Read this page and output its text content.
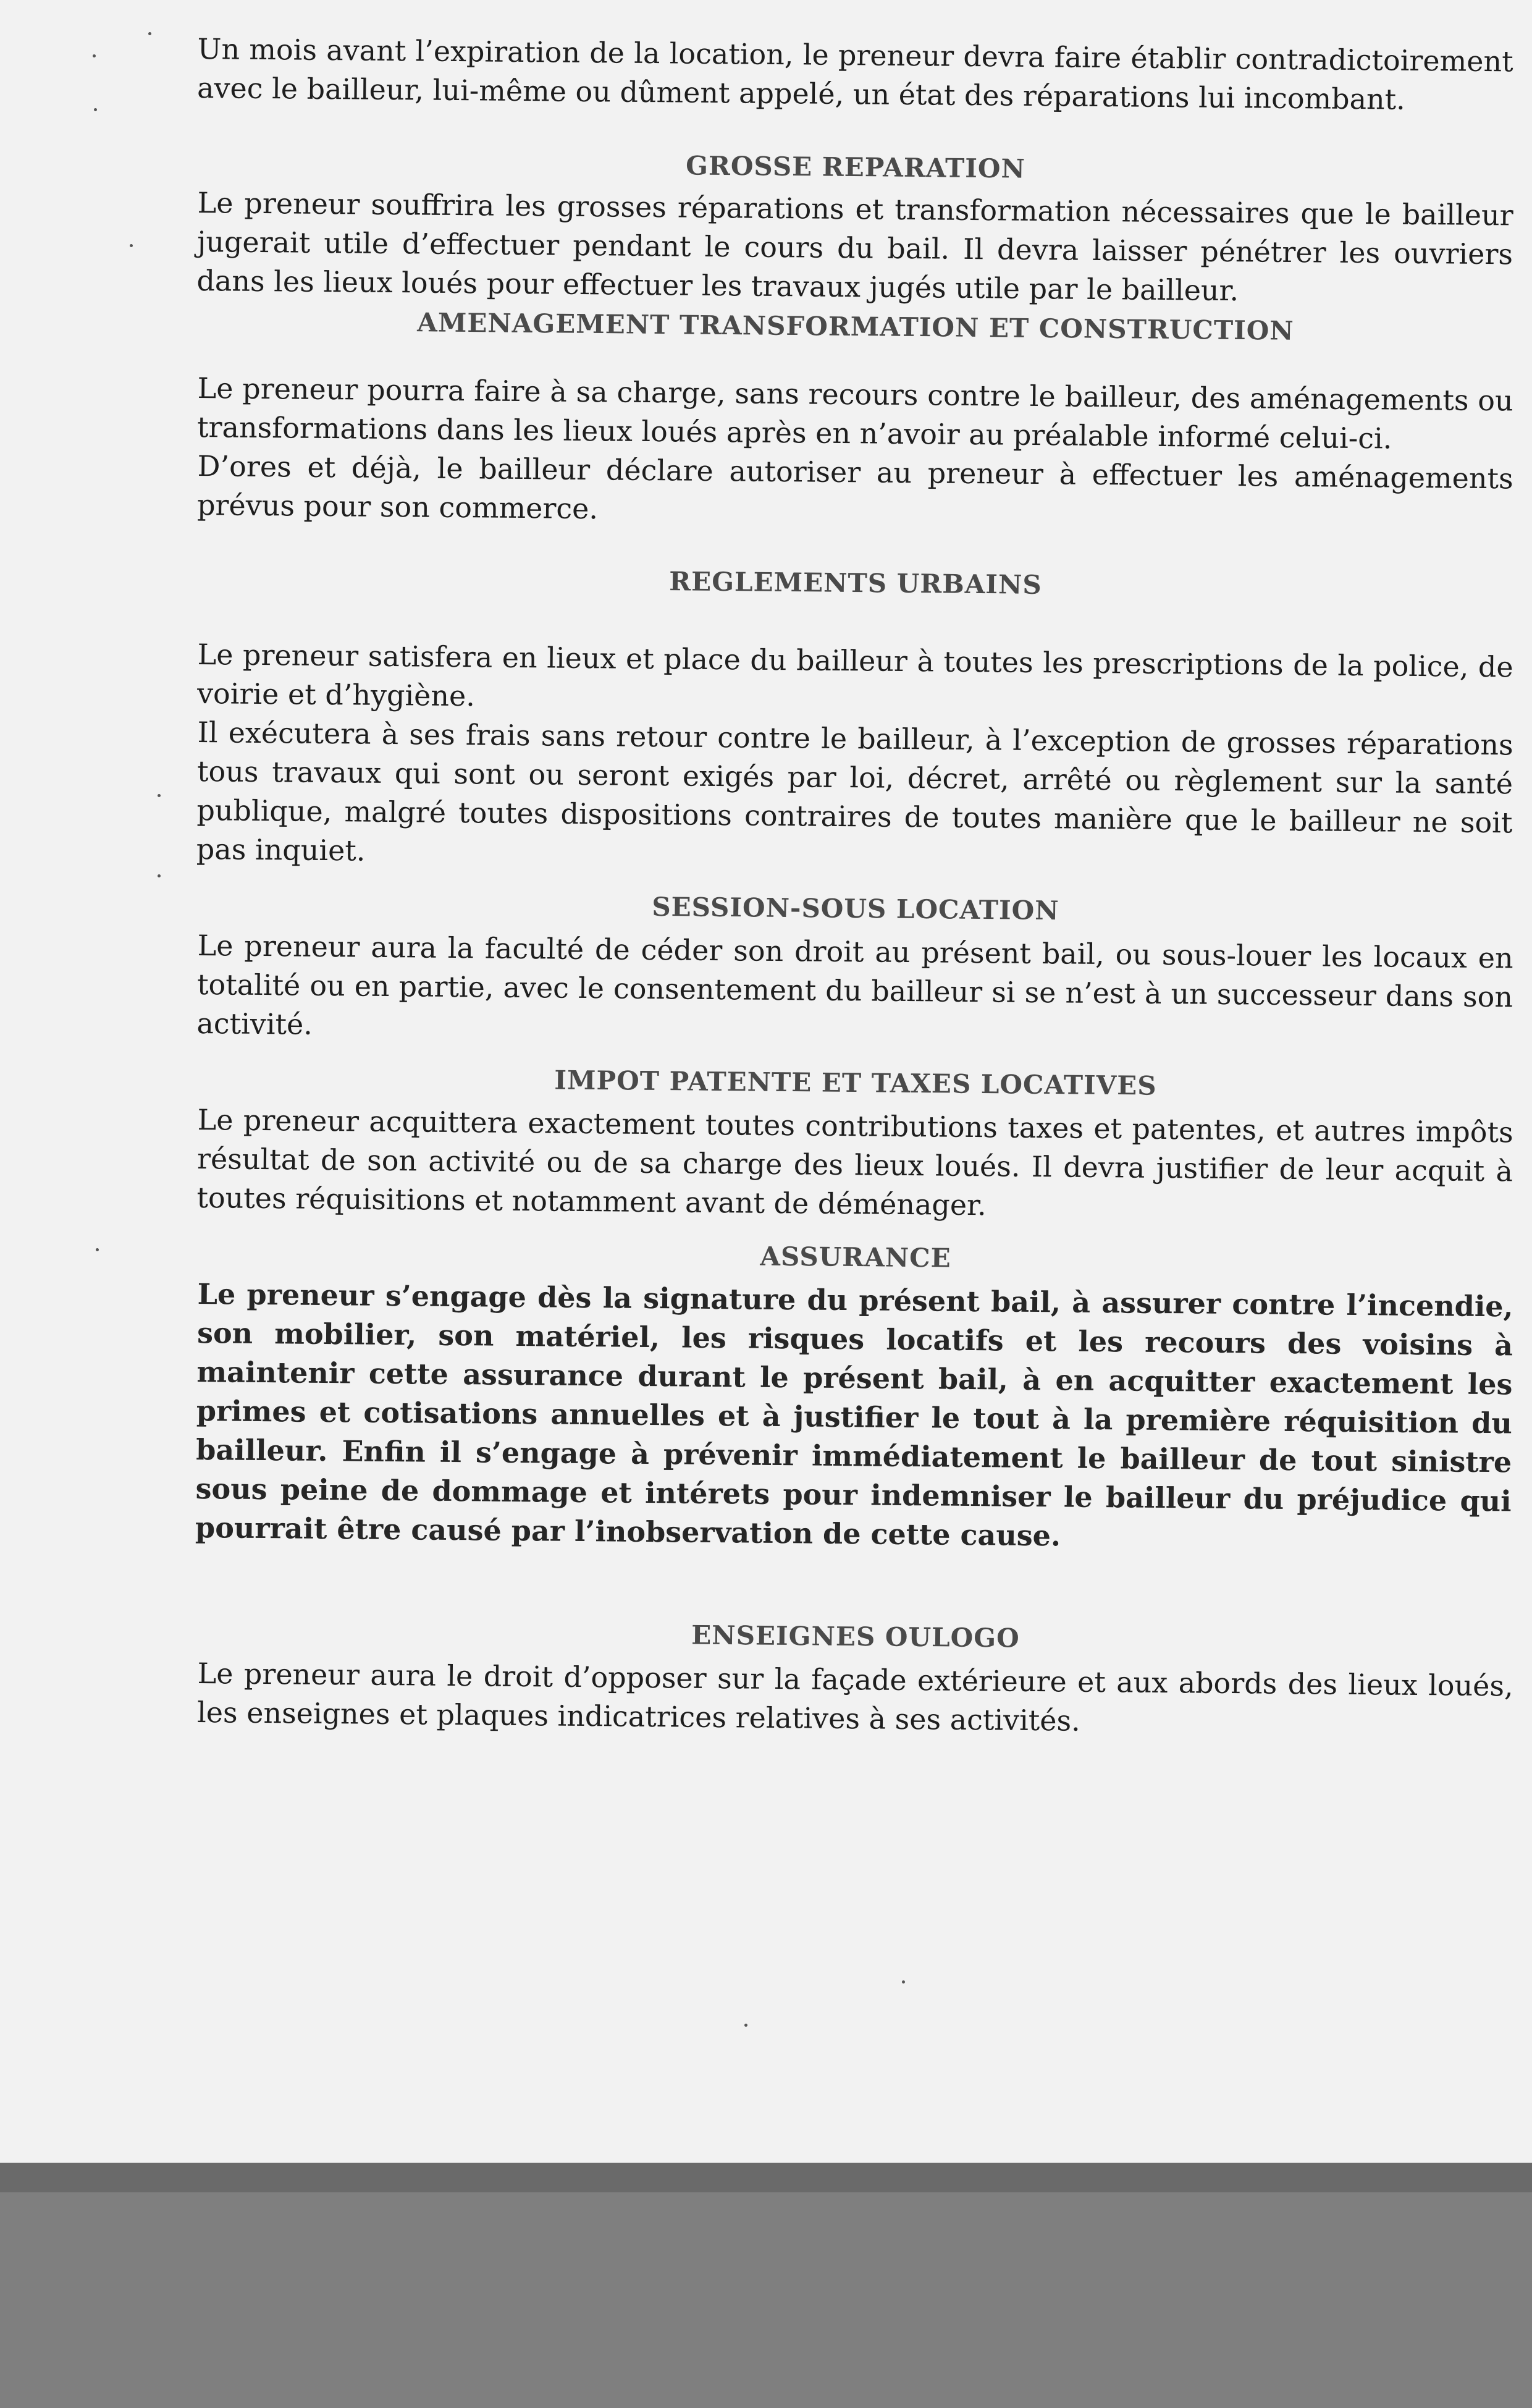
Un mois avant l’expiration de la location, le preneur devra faire établir contradictoirement avec le bailleur, lui-même ou dûment appelé, un état des réparations lui incombant.

GROSSE REPARATION

Le preneur souffrira les grosses réparations et transformation nécessaires que le bailleur jugerait utile d’effectuer pendant le cours du bail. Il devra laisser pénétrer les ouvriers dans les lieux loués pour effectuer les travaux jugés utile par le bailleur.

AMENAGEMENT TRANSFORMATION ET CONSTRUCTION

Le preneur pourra faire à sa charge, sans recours contre le bailleur, des aménagements ou transformations dans les lieux loués après en n’avoir au préalable informé celui-ci.

D’ores et déjà, le bailleur déclare autoriser au preneur à effectuer les aménagements prévus pour son commerce.

REGLEMENTS URBAINS

Le preneur satisfera en lieux et place du bailleur à toutes les prescriptions de la police, de voirie et d’hygiène.

Il exécutera à ses frais sans retour contre le bailleur, à l’exception de grosses réparations tous travaux qui sont ou seront exigés par loi, décret, arrêté ou règlement sur la santé publique, malgré toutes dispositions contraires de toutes manière que le bailleur ne soit pas inquiet.

SESSION-SOUS LOCATION

Le preneur aura la faculté de céder son droit au présent bail, ou sous-louer les locaux en totalité ou en partie, avec le consentement du bailleur si se n’est à un successeur dans son activité.

IMPOT PATENTE ET TAXES LOCATIVES

Le preneur acquittera exactement toutes contributions taxes et patentes, et autres impôts résultat de son activité ou de sa charge des lieux loués. Il devra justifier de leur acquit à toutes réquisitions et notamment avant de déménager.

ASSURANCE

Le preneur s’engage dès la signature du présent bail, à assurer contre l’incendie, son mobilier, son matériel, les risques locatifs et les recours des voisins à maintenir cette assurance durant le présent bail, à en acquitter exactement les primes et cotisations annuelles et à justifier le tout à la première réquisition du bailleur. Enfin il s’engage à prévenir immédiatement le bailleur de tout sinistre sous peine de dommage et intérets pour indemniser le bailleur du préjudice qui pourrait être causé par l’inobservation de cette cause.

ENSEIGNES OULOGO

Le preneur aura le droit d’opposer sur la façade extérieure et aux abords des lieux loués, les enseignes et plaques indicatrices relatives à ses activités.
